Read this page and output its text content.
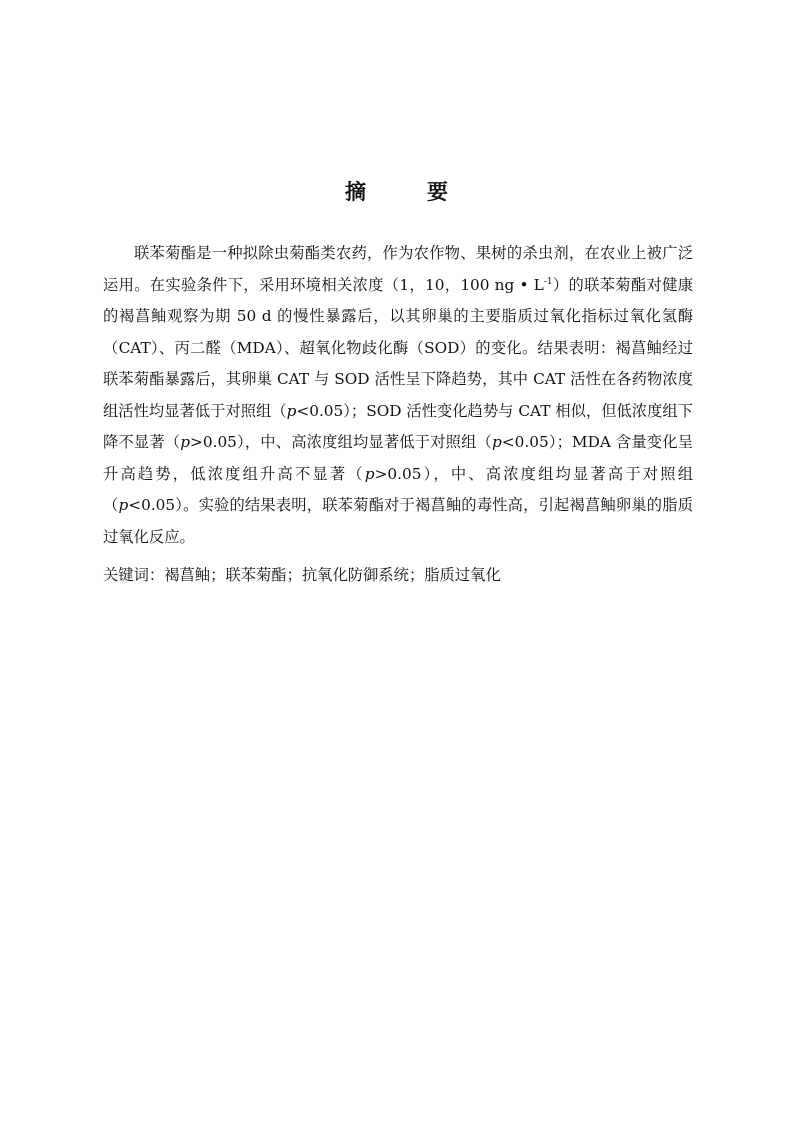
摘　要

联苯菊酯是一种拟除虫菊酯类农药，作为农作物、果树的杀虫剂，在农业上被广泛运用。在实验条件下，采用环境相关浓度（1，10，100 ng • $L^{-1}$）的联苯菊酯对健康的褐菖鲉观察为期 50 d 的慢性暴露后，以其卵巢的主要脂质过氧化指标过氧化氢酶（CAT）、丙二醛（MDA）、超氧化物歧化酶（SOD）的变化。结果表明：褐菖鲉经过联苯菊酯暴露后，其卵巢 CAT 与 SOD 活性呈下降趋势，其中 CAT 活性在各药物浓度组活性均显著低于对照组（p<0.05）；SOD 活性变化趋势与 CAT 相似，但低浓度组下降不显著（p>0.05），中、高浓度组均显著低于对照组（p<0.05）；MDA 含量变化呈升高趋势，低浓度组升高不显著（p>0.05），中、高浓度组均显著高于对照组（p<0.05）。实验的结果表明，联苯菊酯对于褐菖鲉的毒性高，引起褐菖鲉卵巢的脂质过氧化反应。

关键词：褐菖鲉；联苯菊酯；抗氧化防御系统；脂质过氧化
